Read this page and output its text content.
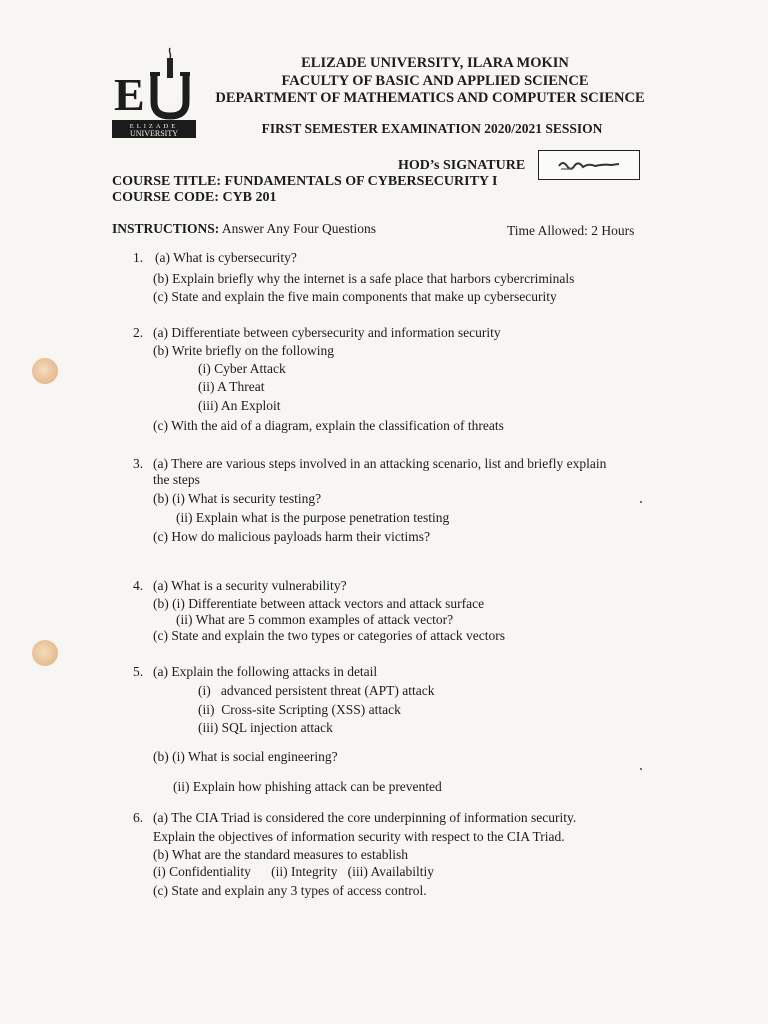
E
ELIZADE
UNIVERSITY
ELIZADE UNIVERSITY, ILARA MOKIN
FACULTY OF BASIC AND APPLIED SCIENCE
DEPARTMENT OF MATHEMATICS AND COMPUTER SCIENCE
FIRST SEMESTER EXAMINATION 2020/2021 SESSION
HOD’s SIGNATURE
COURSE TITLE: FUNDAMENTALS OF CYBERSECURITY I
COURSE CODE: CYB 201
INSTRUCTIONS: Answer Any Four Questions	Time Allowed: 2 Hours
1. (a) What is cybersecurity?
(b) Explain briefly why the internet is a safe place that harbors cybercriminals
(c) State and explain the five main components that make up cybersecurity
2. (a) Differentiate between cybersecurity and information security
(b) Write briefly on the following
(i) Cyber Attack
(ii) A Threat
(iii) An Exploit
(c) With the aid of a diagram, explain the classification of threats
3. (a) There are various steps involved in an attacking scenario, list and briefly explain
the steps
(b) (i) What is security testing?
(ii) Explain what is the purpose penetration testing
(c) How do malicious payloads harm their victims?
4. (a) What is a security vulnerability?
(b) (i) Differentiate between attack vectors and attack surface
(ii) What are 5 common examples of attack vector?
(c) State and explain the two types or categories of attack vectors
5. (a) Explain the following attacks in detail
(i)   advanced persistent threat (APT) attack
(ii)  Cross-site Scripting (XSS) attack
(iii) SQL injection attack
(b) (i) What is social engineering?
(ii) Explain how phishing attack can be prevented
6. (a) The CIA Triad is considered the core underpinning of information security.
Explain the objectives of information security with respect to the CIA Triad.
(b) What are the standard measures to establish
(i) Confidentiality      (ii) Integrity   (iii) Availabiltiy
(c) State and explain any 3 types of access control.
